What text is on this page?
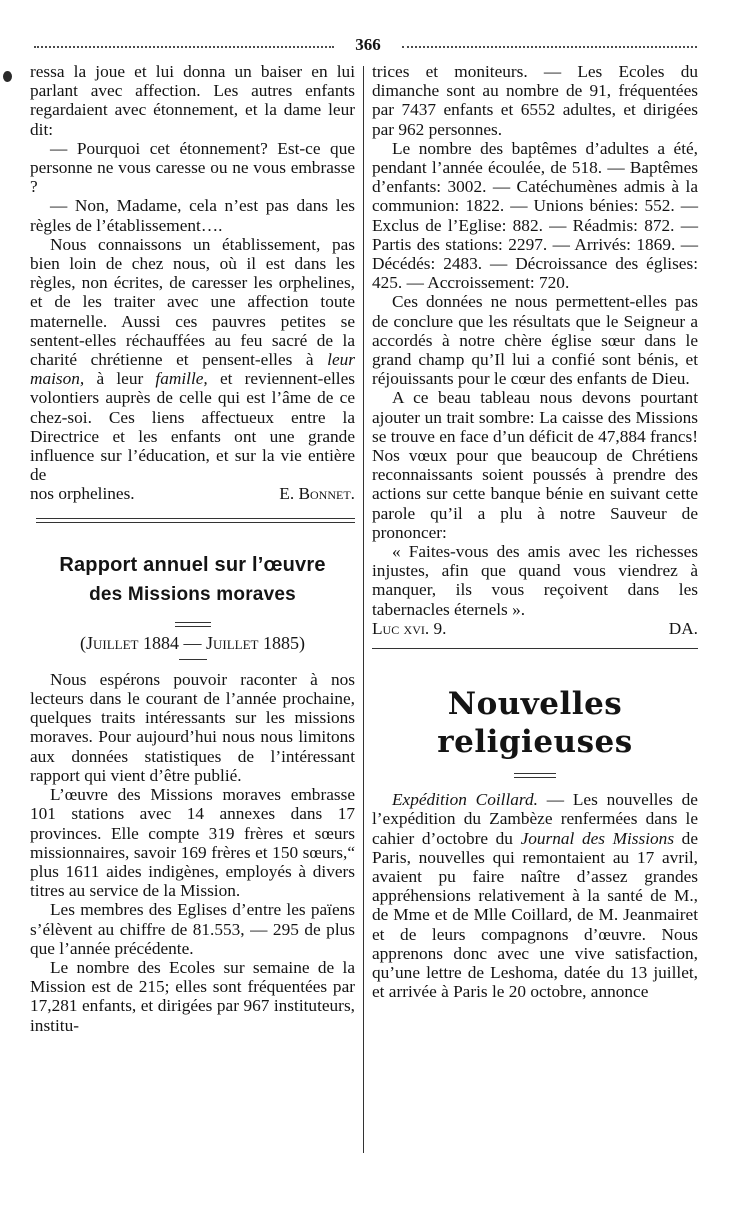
366

ressa la joue et lui donna un baiser en lui parlant avec affection. Les autres enfants regardaient avec étonnement, et la dame leur dit:

— Pourquoi cet étonnement? Est-ce que personne ne vous caresse ou ne vous embrasse ?

— Non, Madame, cela n’est pas dans les règles de l’établissement….

Nous connaissons un établissement, pas bien loin de chez nous, où il est dans les règles, non écrites, de caresser les orphelines, et de les traiter avec une affection toute maternelle. Aussi ces pauvres petites se sentent-elles réchauffées au feu sacré de la charité chrétienne et pensent-elles à leur maison, à leur famille, et reviennent-elles volontiers auprès de celle qui est l’âme de ce chez-soi. Ces liens affectueux entre la Directrice et les enfants ont une grande influence sur l’éducation, et sur la vie entière de

nos orphelines.	E. Bonnet.
Rapport annuel sur l’œuvre
des Missions moraves
(Juillet 1884 — Juillet 1885)

Nous espérons pouvoir raconter à nos lecteurs dans le courant de l’année prochaine, quelques traits intéressants sur les missions moraves. Pour aujourd’hui nous nous limitons aux données statistiques de l’intéressant rapport qui vient d’être publié.

L’œuvre des Missions moraves embrasse 101 stations avec 14 annexes dans 17 provinces. Elle compte 319 frères et sœurs missionnaires, savoir 169 frères et 150 sœurs,“ plus 1611 aides indigènes, employés à divers titres au service de la Mission.

Les membres des Eglises d’entre les païens s’élèvent au chiffre de 81.553, — 295 de plus que l’année précédente.

Le nombre des Ecoles sur semaine de la Mission est de 215; elles sont fréquentées par 17,281 enfants, et dirigées par 967 instituteurs, institu-

trices et moniteurs. — Les Ecoles du dimanche sont au nombre de 91, fréquentées par 7437 enfants et 6552 adultes, et dirigées par 962 personnes.

Le nombre des baptêmes d’adultes a été, pendant l’année écoulée, de 518. — Baptêmes d’enfants: 3002. — Catéchumènes admis à la communion: 1822. — Unions bénies: 552. — Exclus de l’Eglise: 882. — Réadmis: 872. — Partis des stations: 2297. — Arrivés: 1869. — Décédés: 2483. — Décroissance des églises: 425. — Accroissement: 720.

Ces données ne nous permettent-elles pas de conclure que les résultats que le Seigneur a accordés à notre chère église sœur dans le grand champ qu’Il lui a confié sont bénis, et réjouissants pour le cœur des enfants de Dieu.

A ce beau tableau nous devons pourtant ajouter un trait sombre: La caisse des Missions se trouve en face d’un déficit de 47,884 francs! Nos vœux pour que beaucoup de Chrétiens reconnaissants soient poussés à prendre des actions sur cette banque bénie en suivant cette parole qu’il a plu à notre Sauveur de prononcer:

« Faites-vous des amis avec les richesses injustes, afin que quand vous viendrez à manquer, ils vous reçoivent dans les tabernacles éternels ».

Luc xvi. 9.	DA.
Nouvelles religieuses

Expédition Coillard. — Les nouvelles de l’expédition du Zambèze renfermées dans le cahier d’octobre du Journal des Missions de Paris, nouvelles qui remontaient au 17 avril, avaient pu faire naître d’assez grandes appréhensions relativement à la santé de M., de Mme et de Mlle Coillard, de M. Jeanmairet et de leurs compagnons d’œuvre. Nous apprenons donc avec une vive satisfaction, qu’une lettre de Leshoma, datée du 13 juillet, et arrivée à Paris le 20 octobre, annonce
